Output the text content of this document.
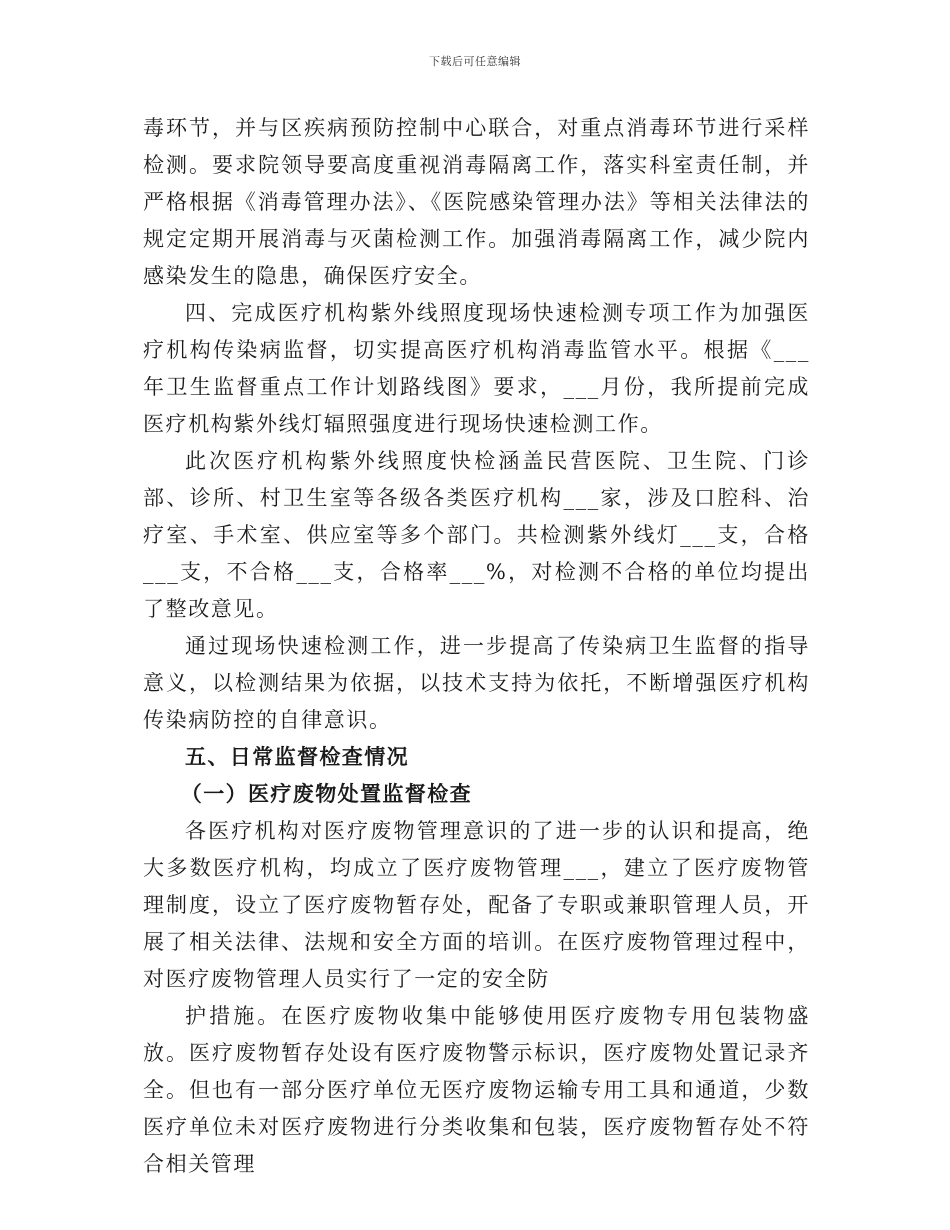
下载后可任意编辑

毒环节，并与区疾病预防控制中心联合，对重点消毒环节进行采样检测。要求院领导要高度重视消毒隔离工作，落实科室责任制，并严格根据《消毒管理办法》、《医院感染管理办法》等相关法律法的规定定期开展消毒与灭菌检测工作。加强消毒隔离工作，减少院内感染发生的隐患，确保医疗安全。

四、完成医疗机构紫外线照度现场快速检测专项工作为加强医疗机构传染病监督，切实提高医疗机构消毒监管水平。根据《___年卫生监督重点工作计划路线图》要求，___月份，我所提前完成医疗机构紫外线灯辐照强度进行现场快速检测工作。

此次医疗机构紫外线照度快检涵盖民营医院、卫生院、门诊部、诊所、村卫生室等各级各类医疗机构___家，涉及口腔科、治疗室、手术室、供应室等多个部门。共检测紫外线灯___支，合格___支，不合格___支，合格率___%，对检测不合格的单位均提出了整改意见。

通过现场快速检测工作，进一步提高了传染病卫生监督的指导意义，以检测结果为依据，以技术支持为依托，不断增强医疗机构传染病防控的自律意识。

五、日常监督检查情况

（一）医疗废物处置监督检查

各医疗机构对医疗废物管理意识的了进一步的认识和提高，绝大多数医疗机构，均成立了医疗废物管理___，建立了医疗废物管理制度，设立了医疗废物暂存处，配备了专职或兼职管理人员，开展了相关法律、法规和安全方面的培训。在医疗废物管理过程中，对医疗废物管理人员实行了一定的安全防

护措施。在医疗废物收集中能够使用医疗废物专用包装物盛放。医疗废物暂存处设有医疗废物警示标识，医疗废物处置记录齐全。但也有一部分医疗单位无医疗废物运输专用工具和通道，少数医疗单位未对医疗废物进行分类收集和包装，医疗废物暂存处不符合相关管理
